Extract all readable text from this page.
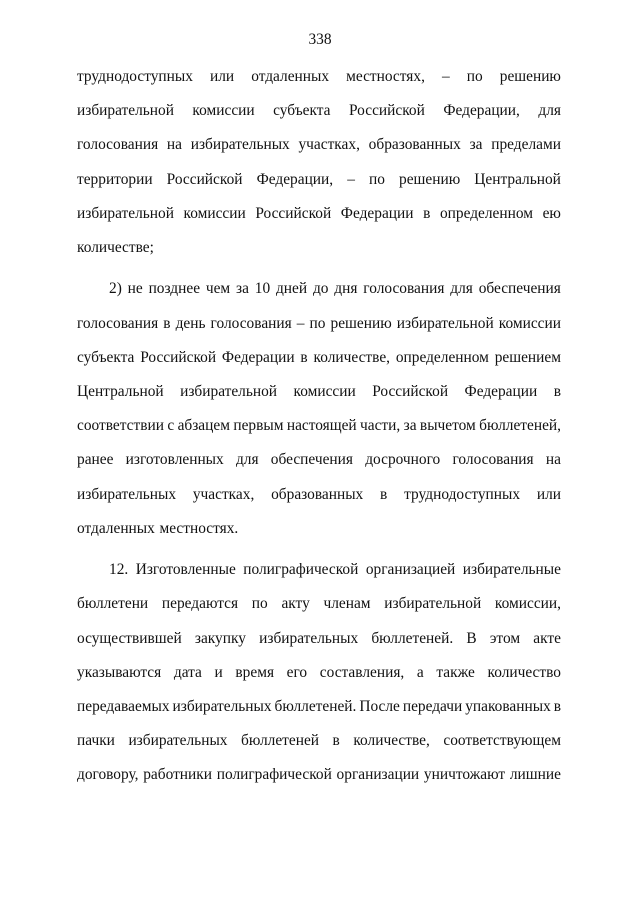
338
труднодоступных или отдаленных местностях, – по решению
избирательной комиссии субъекта Российской Федерации, для
голосования на избирательных участках, образованных за пределами
территории Российской Федерации, – по решению Центральной
избирательной комиссии Российской Федерации в определенном ею
количестве;
2) не позднее чем за 10 дней до дня голосования для обеспечения
голосования в день голосования – по решению избирательной комиссии
субъекта Российской Федерации в количестве, определенном решением
Центральной избирательной комиссии Российской Федерации в
соответствии с абзацем первым настоящей части, за вычетом бюллетеней,
ранее изготовленных для обеспечения досрочного голосования на
избирательных участках, образованных в труднодоступных или
отдаленных местностях.
12. Изготовленные полиграфической организацией избирательные
бюллетени передаются по акту членам избирательной комиссии,
осуществившей закупку избирательных бюллетеней. В этом акте
указываются дата и время его составления, а также количество
передаваемых избирательных бюллетеней. После передачи упакованных в
пачки избирательных бюллетеней в количестве, соответствующем
договору, работники полиграфической организации уничтожают лишние
